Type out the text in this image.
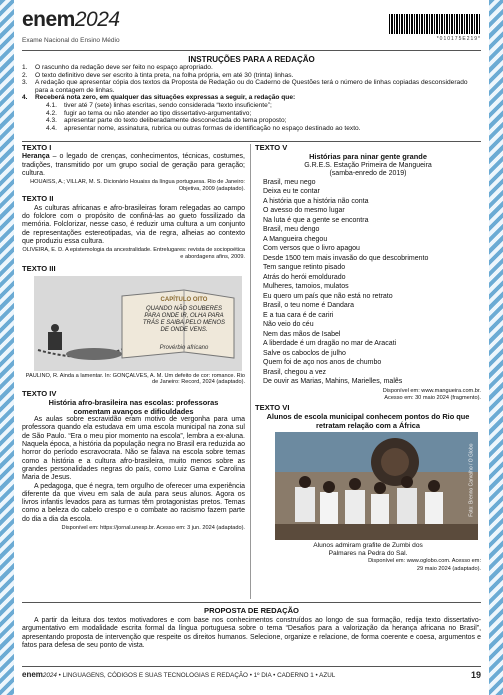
enem2024
Exame Nacional do Ensino Médio	*010175E219*
INSTRUÇÕES PARA A REDAÇÃO
1.	O rascunho da redação deve ser feito no espaço apropriado.
2.	O texto definitivo deve ser escrito à tinta preta, na folha própria, em até 30 (trinta) linhas.
3.	A redação que apresentar cópia dos textos da Proposta de Redação ou do Caderno de Questões terá o número de linhas copiadas desconsiderado para a contagem de linhas.
4.	Receberá nota zero, em qualquer das situações expressas a seguir, a redação que:
4.1.	tiver até 7 (sete) linhas escritas, sendo considerada “texto insuficiente”;
4.2.	fugir ao tema ou não atender ao tipo dissertativo-argumentativo;
4.3.	apresentar parte do texto deliberadamente desconectada do tema proposto;
4.4.	apresentar nome, assinatura, rubrica ou outras formas de identificação no espaço destinado ao texto.
TEXTO I

Herança – o legado de crenças, conhecimentos, técnicas, costumes, tradições, transmitido por um grupo social de geração para geração; cultura.

HOUAISS, A.; VILLAR, M. S. Dicionário Houaiss da língua portuguesa. Rio de Janeiro: Objetiva, 2009 (adaptado).
TEXTO II

As culturas africanas e afro-brasileiras foram relegadas ao campo do folclore com o propósito de confiná-las ao gueto fossilizado da memória. Folclorizar, nesse caso, é reduzir uma cultura a um conjunto de representações estereotipadas, via de regra, alheias ao contexto que produziu essa cultura.

OLIVEIRA, E. D. A epistemologia da ancestralidade. Entrelugares: revista de sociopoética e abordagens afins, 2009.
TEXTO III
CAPÍTULO OITO
QUANDO NÃO SOUBERES PARA ONDE IR, OLHA PARA TRÁS E SAIBA PELO MENOS DE ONDE VENS.
Provérbio africano
PAULINO, R. Ainda a lamentar. In: GONÇALVES, A. M. Um defeito de cor: romance. Rio de Janeiro: Record, 2024 (adaptado).
TEXTO IV
História afro-brasileira nas escolas: professoras comentam avanços e dificuldades

As aulas sobre escravidão eram motivo de vergonha para uma professora quando ela estudava em uma escola municipal na zona sul de São Paulo. “Era o meu pior momento na escola”, lembra a ex-aluna. Naquela época, a história da população negra no Brasil era reduzida ao horror do período escravocrata. Não se falava na escola sobre temas como a história e a cultura afro-brasileira, muito menos sobre as grandes personalidades negras do país, como Luiz Gama e Carolina Maria de Jesus.

A pedagoga, que é negra, tem orgulho de oferecer uma experiência diferente da que viveu em sala de aula para seus alunos. Agora os livros infantis levados para as turmas têm protagonistas pretos. Temas como a beleza do cabelo crespo e o combate ao racismo fazem parte do dia a dia da escola.

Disponível em: https://jornal.unesp.br. Acesso em: 3 jun. 2024 (adaptado).
TEXTO V
Histórias para ninar gente grande
G.R.E.S. Estação Primeira de Mangueira
(samba-enredo de 2019)
Brasil, meu nego
Deixa eu te contar
A história que a história não conta
O avesso do mesmo lugar
Na luta é que a gente se encontra
Brasil, meu dengo
A Mangueira chegou
Com versos que o livro apagou
Desde 1500 tem mais invasão do que descobrimento
Tem sangue retinto pisado
Atrás do herói emoldurado
Mulheres, tamoios, mulatos
Eu quero um país que não está no retrato
Brasil, o teu nome é Dandara
E a tua cara é de cariri
Não veio do céu
Nem das mãos de Isabel
A liberdade é um dragão no mar de Aracati
Salve os caboclos de julho
Quem foi de aço nos anos de chumbo
Brasil, chegou a vez
De ouvir as Marias, Mahins, Marielles, malês
Disponível em: www.mangueira.com.br.
Acesso em: 30 maio 2024 (fragmento).
TEXTO VI
Alunos de escola municipal conhecem pontos do Rio que retratam relação com a África
Foto: Brenno Carvalho / O Globo
Alunos admiram grafite de Zumbi dos
Palmares na Pedra do Sal.
Disponível em: www.oglobo.com. Acesso em:
29 maio 2024 (adaptado).
PROPOSTA DE REDAÇÃO

A partir da leitura dos textos motivadores e com base nos conhecimentos construídos ao longo de sua formação, redija texto dissertativo-argumentativo em modalidade escrita formal da língua portuguesa sobre o tema “Desafios para a valorização da herança africana no Brasil”, apresentando proposta de intervenção que respeite os direitos humanos. Selecione, organize e relacione, de forma coerente e coesa, argumentos e fatos para defesa de seu ponto de vista.

enem2024 • LINGUAGENS, CÓDIGOS E SUAS TECNOLOGIAS E REDAÇÃO • 1º DIA • CADERNO 1 • AZUL	19
